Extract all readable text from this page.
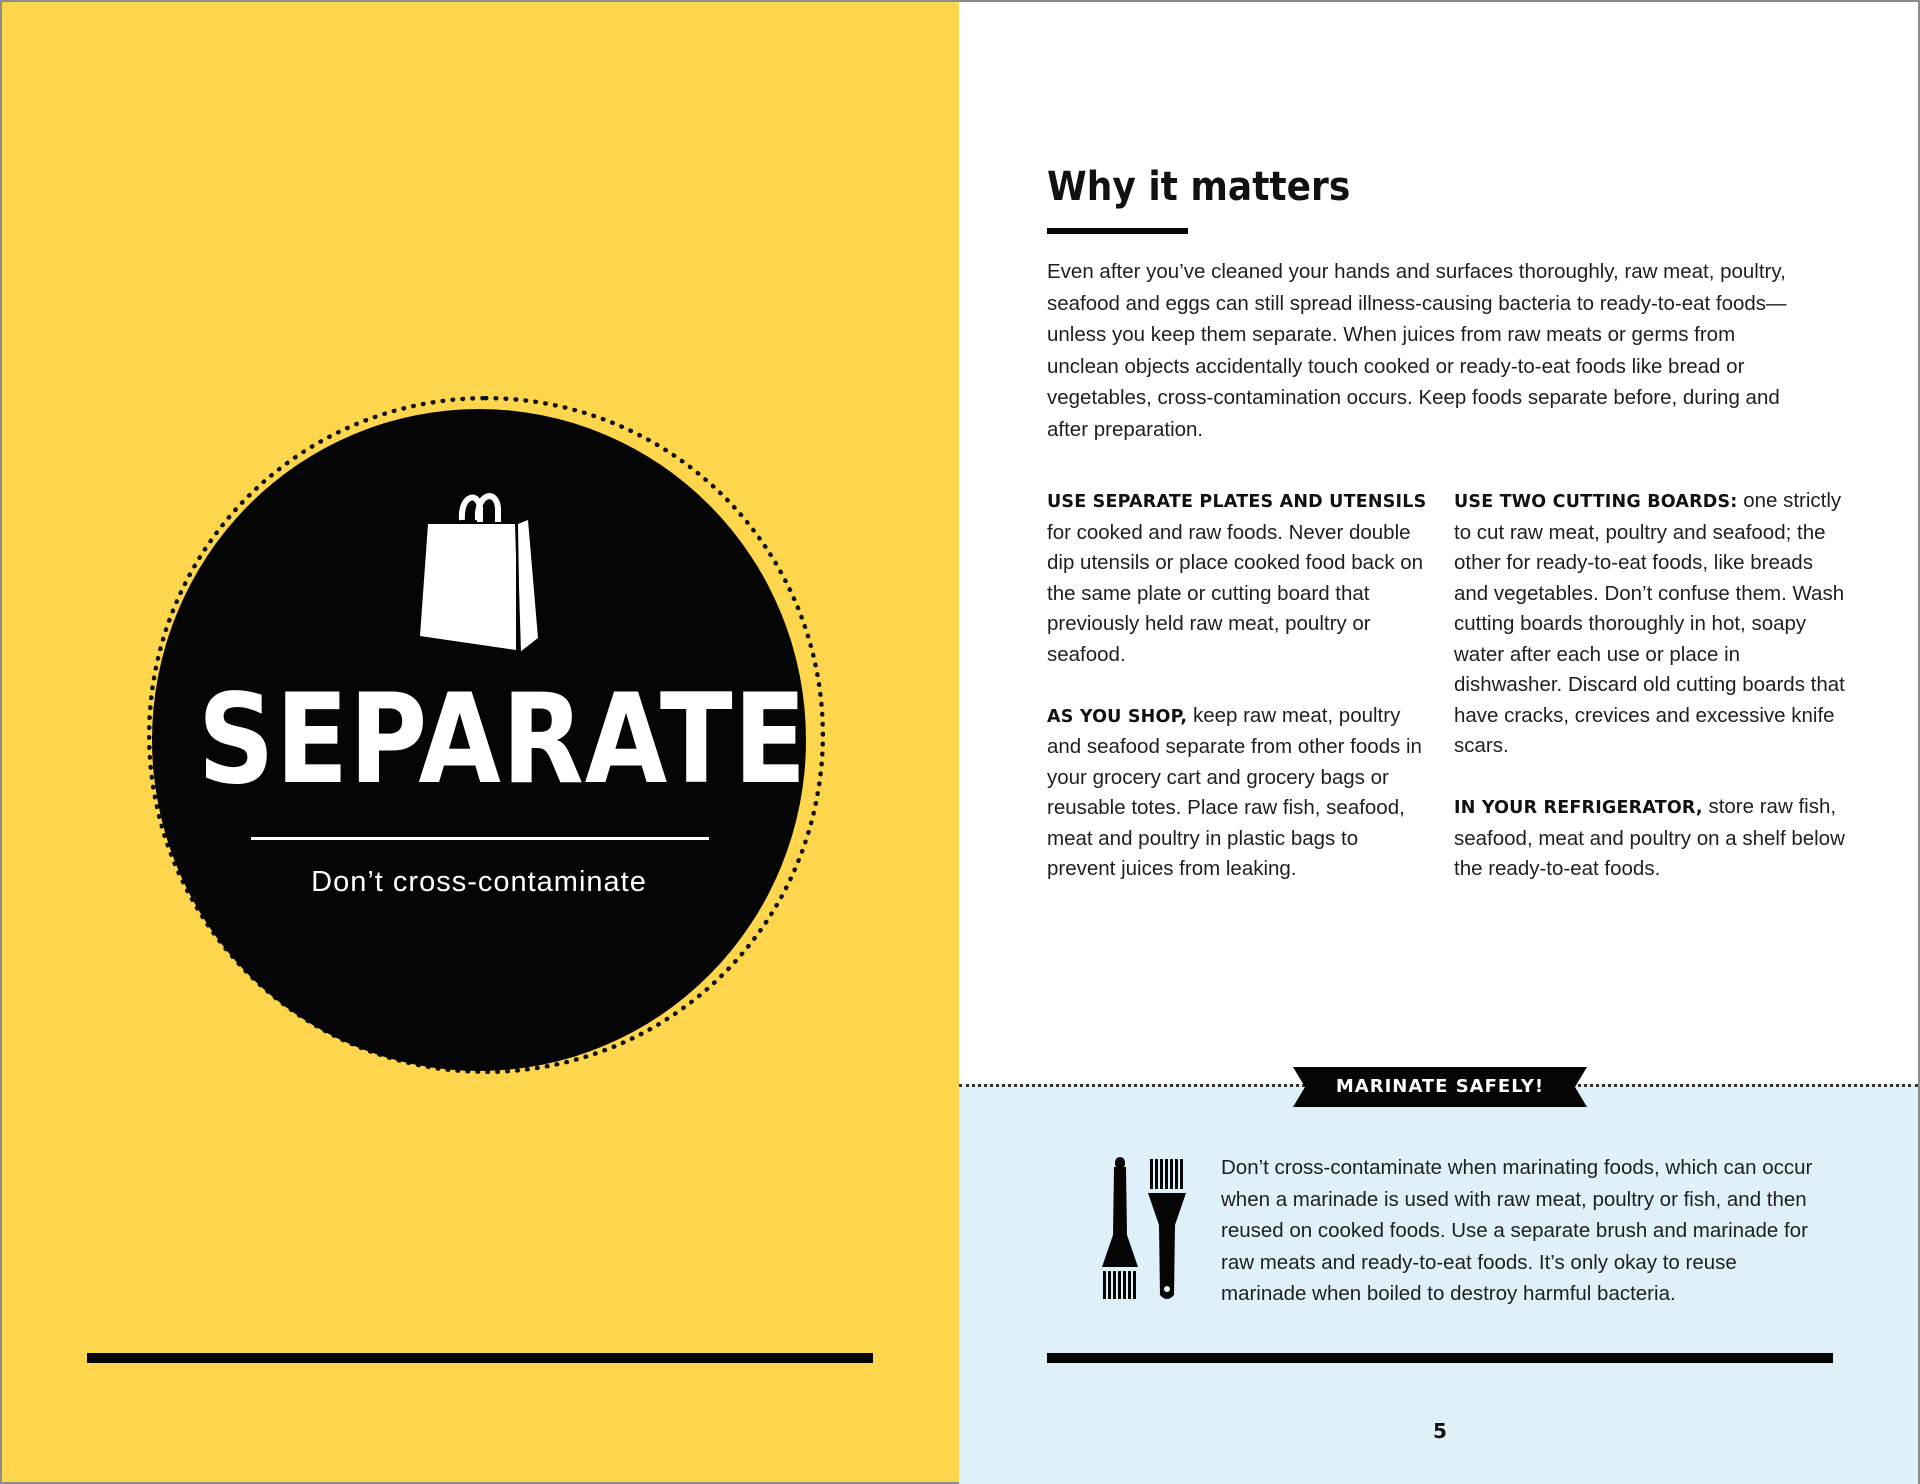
SEPARATE
Don’t cross-contaminate
Why it matters

Even after you’ve cleaned your hands and surfaces thoroughly, raw meat, poultry, seafood and eggs can still spread illness-causing bacteria to ready-to-eat foods—unless you keep them separate. When juices from raw meats or germs from unclean objects accidentally touch cooked or ready-to-eat foods like bread or vegetables, cross-contamination occurs. Keep foods separate before, during and after preparation.

USE SEPARATE PLATES AND UTENSILS for cooked and raw foods. Never double dip utensils or place cooked food back on the same plate or cutting board that previously held raw meat, poultry or seafood.

AS YOU SHOP, keep raw meat, poultry and seafood separate from other foods in your grocery cart and grocery bags or reusable totes. Place raw fish, seafood, meat and poultry in plastic bags to prevent juices from leaking.

USE TWO CUTTING BOARDS: one strictly to cut raw meat, poultry and seafood; the other for ready-to-eat foods, like breads and vegetables. Don’t confuse them. Wash cutting boards thoroughly in hot, soapy water after each use or place in dishwasher. Discard old cutting boards that have cracks, crevices and excessive knife scars.

IN YOUR REFRIGERATOR, store raw fish, seafood, meat and poultry on a shelf below the ready-to-eat foods.

MARINATE SAFELY!

Don’t cross-contaminate when marinating foods, which can occur when a marinade is used with raw meat, poultry or fish, and then reused on cooked foods. Use a separate brush and marinade for raw meats and ready-to-eat foods. It’s only okay to reuse marinade when boiled to destroy harmful bacteria.

5
